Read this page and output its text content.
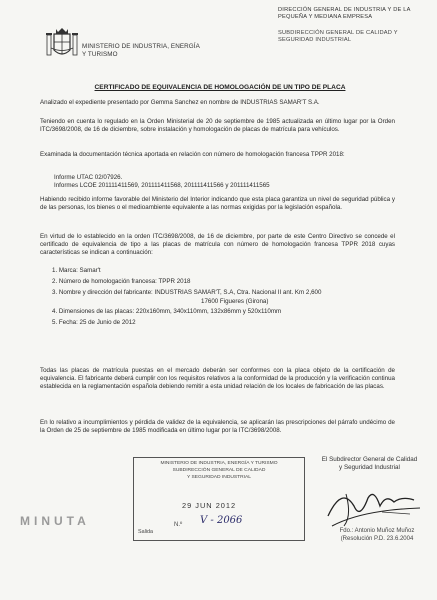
MINISTERIO DE INDUSTRIA, ENERGÍA Y TURISMO
DIRECCIÓN GENERAL DE INDUSTRIA Y DE LA PEQUEÑA Y MEDIANA EMPRESA
SUBDIRECCIÓN GENERAL DE CALIDAD Y SEGURIDAD INDUSTRIAL
CERTIFICADO DE EQUIVALENCIA DE HOMOLOGACIÓN DE UN TIPO DE PLACA
Analizado el expediente presentado por Gemma Sanchez en nombre de INDUSTRIAS SAMAR'T S.A.
Teniendo en cuenta lo regulado en la Orden Ministerial de 20 de septiembre de 1985 actualizada en último lugar por la Orden ITC/3698/2008, de 16 de diciembre, sobre instalación y homologación de placas de matrícula para vehículos.
Examinada la documentación técnica aportada en relación con número de homologación francesa TPPR 2018:
Informe UTAC 02/07926.
Informes LCOE 201111411569, 201111411568, 201111411566 y 201111411565
Habiendo recibido informe favorable del Ministerio del Interior indicando que esta placa garantiza un nivel de seguridad pública y de las personas, los bienes o el medioambiente equivalente a las normas exigidas por la legislación española.
En virtud de lo establecido en la orden ITC/3698/2008, de 16 de diciembre, por parte de este Centro Directivo se concede el certificado de equivalencia de tipo a las placas de matrícula con número de homologación francesa TPPR 2018 cuyas características se indican a continuación:
1. Marca: Samar't
2. Número de homologación francesa: TPPR 2018
3. Nombre y dirección del fabricante: INDUSTRIAS SAMAR'T, S.A, Ctra. Nacional II ant. Km 2,600
17600 Figueres (Girona)
4. Dimensiones de las placas: 220x160mm, 340x110mm, 132x86mm y 520x110mm
5. Fecha: 25 de Junio de 2012
Todas las placas de matrícula puestas en el mercado deberán ser conformes con la placa objeto de la certificación de equivalencia. El fabricante deberá cumplir con los requisitos relativos a la conformidad de la producción y la verificación continua establecida en la reglamentación española debiendo remitir a esta unidad relación de los locales de fabricación de las placas.
En lo relativo a incumplimientos y pérdida de validez de la equivalencia, se aplicarán las prescripciones del párrafo undécimo de la Orden de 25 de septiembre de 1985 modificada en último lugar por la ITC/3698/2008.
MINISTERIO DE INDUSTRIA, ENERGÍA Y TURISMO
SUBDIRECCIÓN GENERAL DE CALIDAD
Y SEGURIDAD INDUSTRIAL
29 JUN 2012
Salida
N.º V - 2066
MINUTA
El Subdirector General de Calidad
y Seguridad Industrial
Fdo.: Antonio Muñoz Muñoz
(Resolución P.D. 23.6.2004
